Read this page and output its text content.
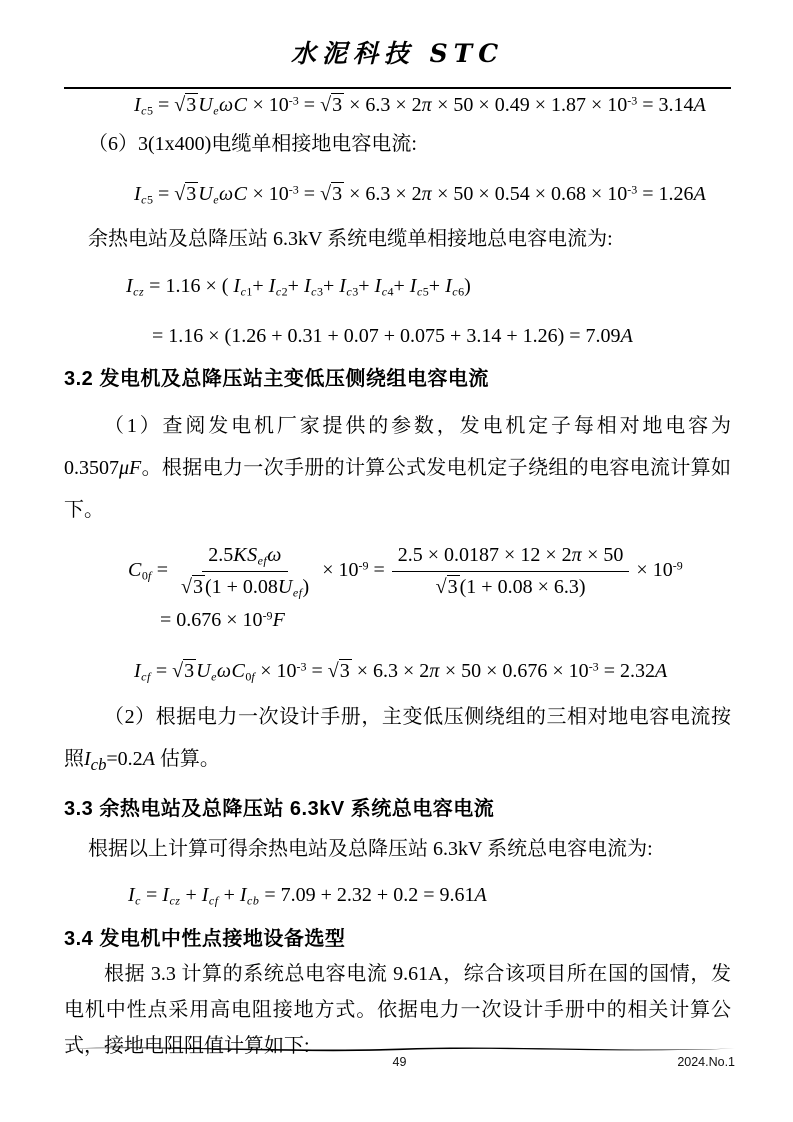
水泥科技 STC
$I_{c5} = √3$ $U_e\omega C \times 10^{-3} = √3 \times 6.3 \times 2\pi \times 50 \times 0.49 \times 1.87 \times 10^{-3} = 3.14A$

（6）3(1x400)电缆单相接地电容电流:

$I_{c5} = √3$ $U_e\omega C \times 10^{-3} = √3 \times 6.3 \times 2\pi \times 50 \times 0.54 \times 0.68 \times 10^{-3} = 1.26A$

余热电站及总降压站 6.3kV 系统电缆单相接地总电容电流为:

$I_{cz} = 1.16$ × ( $I_{c1}+ I_{c2}+ I_{c3}+ I_{c3}+ I_{c4}+ I_{c5}+ I_{c6}$)
= 1.16 × (1.26 + 0.31 + 0.07 + 0.075 + 3.14 + 1.26) = 7.09A
3.2 发电机及总降压站主变低压侧绕组电容电流

（1）查阅发电机厂家提供的参数，发电机定子每相对地电容为 0.3507μF。根据电力一次手册的计算公式发电机定子绕组的电容电流计算如下。

$C_{0f} = \frac{2.5KS_{ef}\omega}{√3 (1 + 0.08U_{ef})} \times 10^{-9} = \frac{2.5 \times 0.0187 \times 12 \times 2\pi \times 50}{√3 (1 + 0.08 \times 6.3)} \times 10^{-9}$
= $0.676 \times 10^{-9}F$
$I_{cf} = √3$ $U_e\omega C_{0f} \times 10^{-3} = √3 \times 6.3 \times 2\pi \times 50 \times 0.676 \times 10^{-3} = 2.32A$

（2）根据电力一次设计手册，主变低压侧绕组的三相对地电容电流按照$I_{cb}=0.2A$ 估算。

3.3 余热电站及总降压站 6.3kV 系统总电容电流

根据以上计算可得余热电站及总降压站 6.3kV 系统总电容电流为:

$I_c = I_{cz} + I_{cf} + I_{cb} = 7.09 + 2.32 + 0.2 = 9.61A$
3.4 发电机中性点接地设备选型

根据 3.3 计算的系统总电容电流 9.61A，综合该项目所在国的国情，发电机中性点采用高电阻接地方式。依据电力一次设计手册中的相关计算公式，接地电阻阻值计算如下:

49	2024.No.1
